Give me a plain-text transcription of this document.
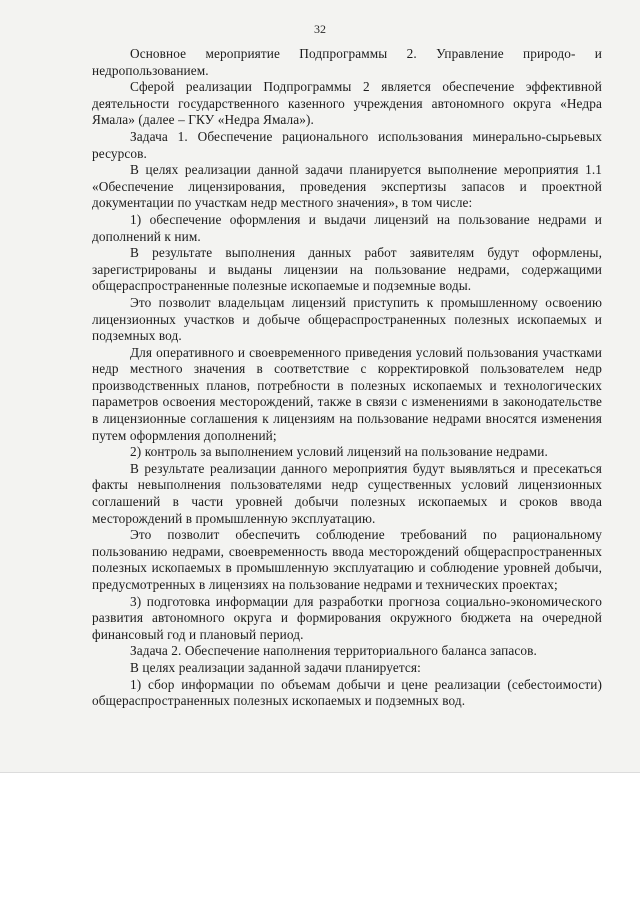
32

Основное мероприятие Подпрограммы 2. Управление природо- и недропользованием.

Сферой реализации Подпрограммы 2 является обеспечение эффективной деятельности государственного казенного учреждения автономного округа «Недра Ямала» (далее – ГКУ «Недра Ямала»).

Задача 1. Обеспечение рационального использования минерально-сырьевых ресурсов.

В целях реализации данной задачи планируется выполнение мероприятия 1.1 «Обеспечение лицензирования, проведения экспертизы запасов и проектной документации по участкам недр местного значения», в том числе:

1) обеспечение оформления и выдачи лицензий на пользование недрами и дополнений к ним.

В результате выполнения данных работ заявителям будут оформлены, зарегистрированы и выданы лицензии на пользование недрами, содержащими общераспространенные полезные ископаемые и подземные воды.

Это позволит владельцам лицензий приступить к промышленному освоению лицензионных участков и добыче общераспространенных полезных ископаемых и подземных вод.

Для оперативного и своевременного приведения условий пользования участками недр местного значения в соответствие с корректировкой пользователем недр производственных планов, потребности в полезных ископаемых и технологических параметров освоения месторождений, также в связи с изменениями в законодательстве в лицензионные соглашения к лицензиям на пользование недрами вносятся изменения путем оформления дополнений;

2) контроль за выполнением условий лицензий на пользование недрами.

В результате реализации данного мероприятия будут выявляться и пресекаться факты невыполнения пользователями недр существенных условий лицензионных соглашений в части уровней добычи полезных ископаемых и сроков ввода месторождений в промышленную эксплуатацию.

Это позволит обеспечить соблюдение требований по рациональному пользованию недрами, своевременность ввода месторождений общераспространенных полезных ископаемых в промышленную эксплуатацию и соблюдение уровней добычи, предусмотренных в лицензиях на пользование недрами и технических проектах;

3) подготовка информации для разработки прогноза социально-экономического развития автономного округа и формирования окружного бюджета на очередной финансовый год и плановый период.

Задача 2. Обеспечение наполнения территориального баланса запасов.

В целях реализации заданной задачи планируется:

1) сбор информации по объемам добычи и цене реализации (себестоимости) общераспространенных полезных ископаемых и подземных вод.
